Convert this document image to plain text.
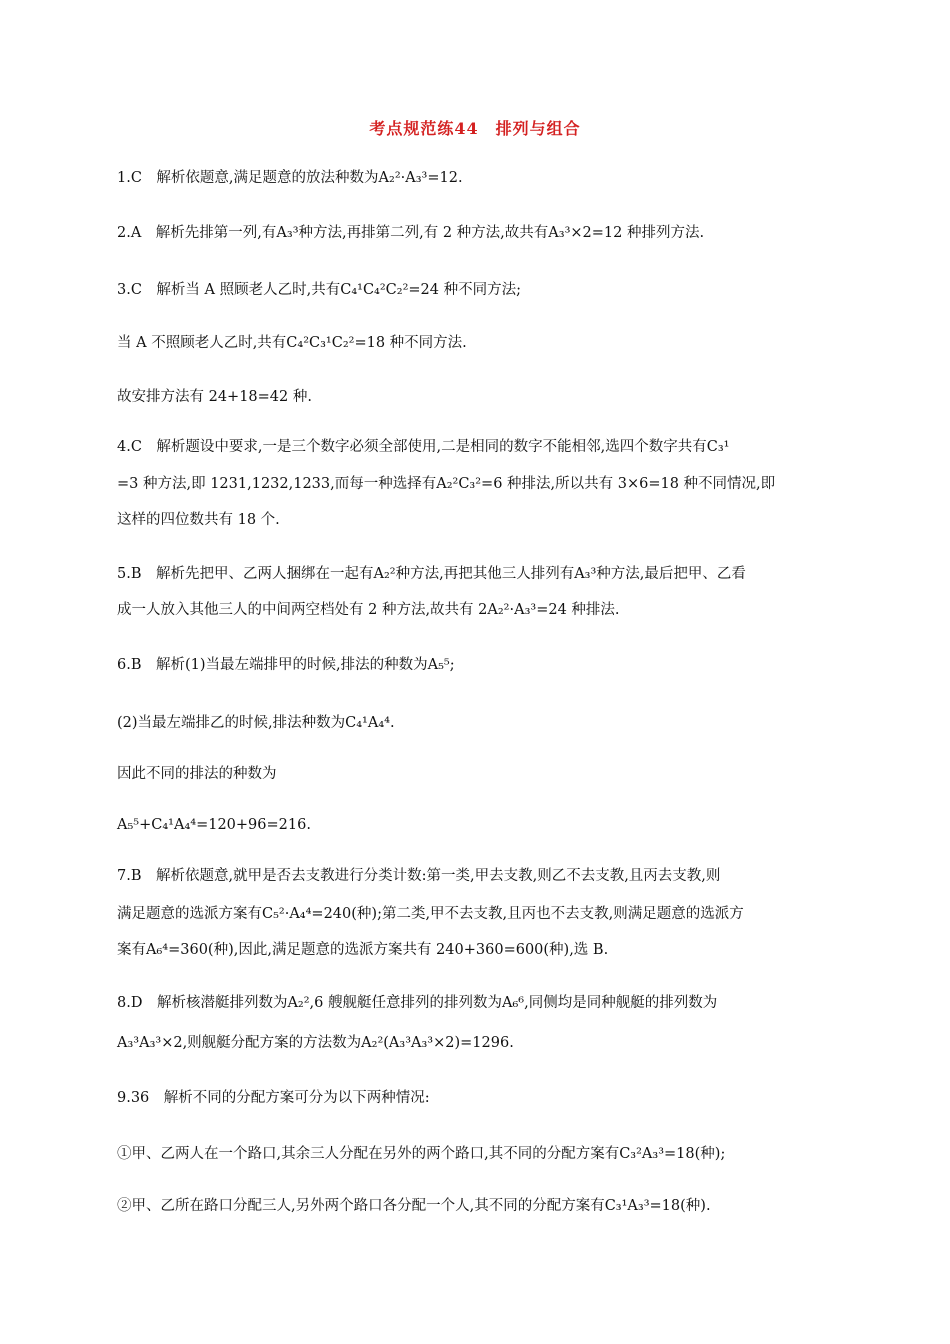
考点规范练44　排列与组合
1.C　解析依题意,满足题意的放法种数为A₂²·A₃³=12.
2.A　解析先排第一列,有A₃³种方法,再排第二列,有 2 种方法,故共有A₃³×2=12 种排列方法.
3.C　解析当 A 照顾老人乙时,共有C₄¹C₄²C₂²=24 种不同方法;
当 A 不照顾老人乙时,共有C₄²C₃¹C₂²=18 种不同方法.
故安排方法有 24+18=42 种.
4.C　解析题设中要求,一是三个数字必须全部使用,二是相同的数字不能相邻,选四个数字共有C₃¹
=3 种方法,即 1231,1232,1233,而每一种选择有A₂²C₃²=6 种排法,所以共有 3×6=18 种不同情况,即
这样的四位数共有 18 个.
5.B　解析先把甲、乙两人捆绑在一起有A₂²种方法,再把其他三人排列有A₃³种方法,最后把甲、乙看
成一人放入其他三人的中间两空档处有 2 种方法,故共有 2A₂²·A₃³=24 种排法.
6.B　解析(1)当最左端排甲的时候,排法的种数为A₅⁵;
(2)当最左端排乙的时候,排法种数为C₄¹A₄⁴.
因此不同的排法的种数为
A₅⁵+C₄¹A₄⁴=120+96=216.
7.B　解析依题意,就甲是否去支教进行分类计数:第一类,甲去支教,则乙不去支教,且丙去支教,则
满足题意的选派方案有C₅²·A₄⁴=240(种);第二类,甲不去支教,且丙也不去支教,则满足题意的选派方
案有A₆⁴=360(种),因此,满足题意的选派方案共有 240+360=600(种),选 B.
8.D　解析核潜艇排列数为A₂²,6 艘舰艇任意排列的排列数为A₆⁶,同侧均是同种舰艇的排列数为
A₃³A₃³×2,则舰艇分配方案的方法数为A₂²(A₃³A₃³×2)=1296.
9.36　解析不同的分配方案可分为以下两种情况:
①甲、乙两人在一个路口,其余三人分配在另外的两个路口,其不同的分配方案有C₃²A₃³=18(种);
②甲、乙所在路口分配三人,另外两个路口各分配一个人,其不同的分配方案有C₃¹A₃³=18(种).
